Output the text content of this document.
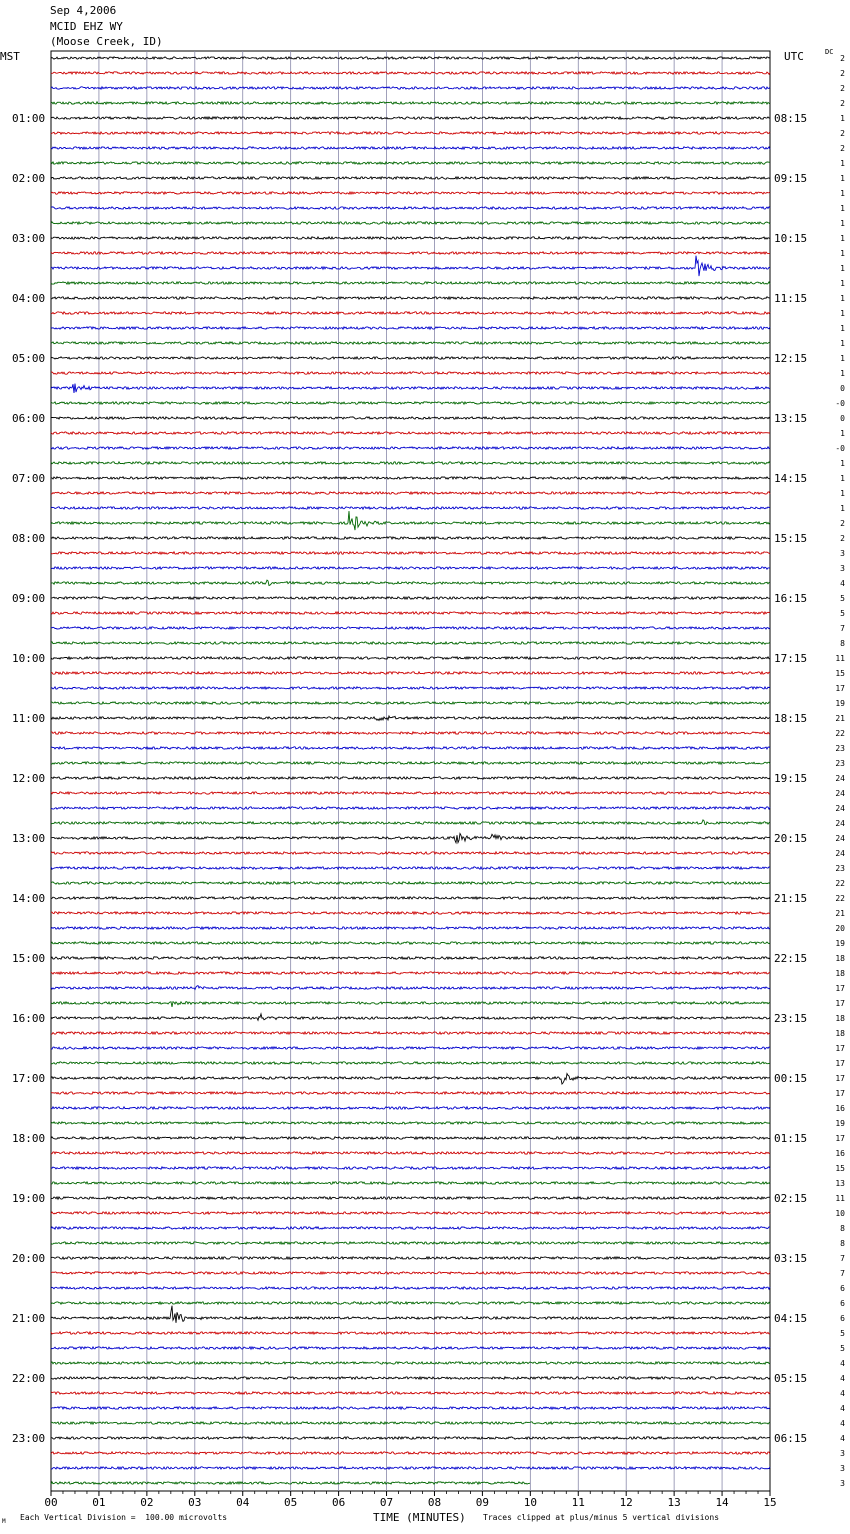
Sep 4,2006
MCID EHZ WY
(Moose Creek, ID)
MST	UTC	DC
01:00
02:00
03:00
04:00
05:00
06:00
07:00
08:00
09:00
10:00
11:00
12:00
13:00
14:00
15:00
16:00
17:00
18:00
19:00
20:00
21:00
22:00
23:00
08:15
09:15
10:15
11:15
12:15
13:15
14:15
15:15
16:15
17:15
18:15
19:15
20:15
21:15
22:15
23:15
00:15
01:15
02:15
03:15
04:15
05:15
06:15
2
2
2
2
1
2
2
1
1
1
1
1
1
1
1
1
1
1
1
1
1
1
0
-0
0
1
-0
1
1
1
1
2
2
3
3
4
5
5
7
8
11
15
17
19
21
22
23
23
24
24
24
24
24
24
23
22
22
21
20
19
18
18
17
17
18
18
17
17
17
17
16
19
17
16
15
13
11
10
8
8
7
7
6
6
6
5
5
4
4
4
4
4
4
3
3
3
00	01	02	03	04	05	06	07	08	09	10	11	12	13	14	15
M Each Vertical Division =  100.00 microvolts	TIME (MINUTES) Traces clipped at plus/minus 5 vertical divisions
